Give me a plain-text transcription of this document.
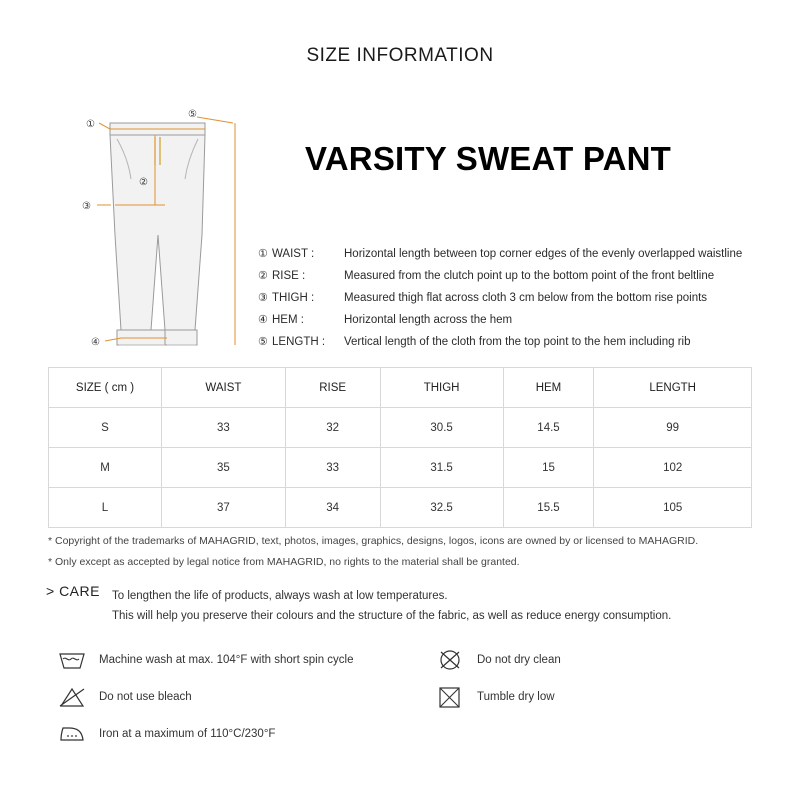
SIZE INFORMATION
①
②
③
④
⑤
VARSITY SWEAT PANT
① WAIST :	Horizontal length between top corner edges of the evenly overlapped waistline
② RISE :	Measured from the clutch point up to the bottom point of the front beltline
③ THIGH :	Measured thigh flat across cloth 3 cm below from the bottom rise points
④ HEM :	Horizontal length across the hem
⑤ LENGTH :	Vertical length of the cloth from the top point to the hem including rib
SIZE ( cm )	WAIST	RISE	THIGH	HEM	LENGTH
S	33	32	30.5	14.5	99
M	35	33	31.5	15	102
L	37	34	32.5	15.5	105
* Copyright of the trademarks of MAHAGRID, text, photos, images, graphics, designs, logos, icons are owned by or licensed to MAHAGRID.
* Only except as accepted by legal notice from MAHAGRID, no rights to the material shall be granted.
> CARE To lengthen the life of products, always wash at low temperatures.
This will help you preserve their colours and the structure of the fabric, as well as reduce energy consumption.
Machine wash at max. 104°F with short spin cycle
Do not use bleach
Iron at a maximum of 110°C/230°F
Do not dry clean
Tumble dry low
